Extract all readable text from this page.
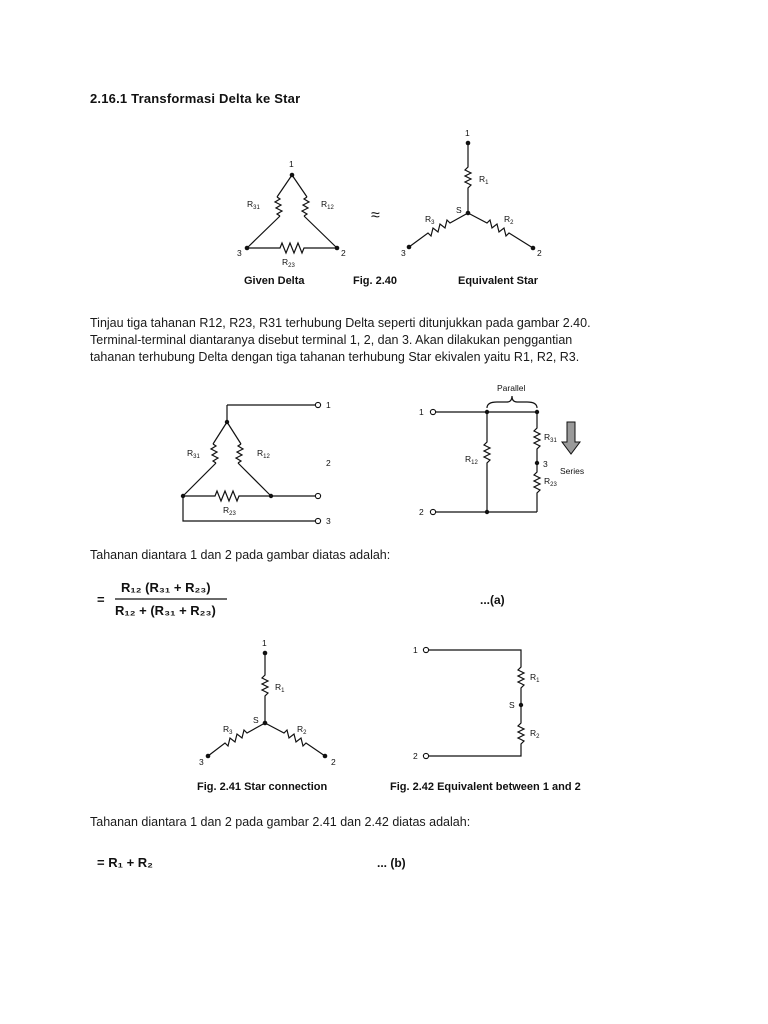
2.16.1 Transformasi Delta ke Star
1
3	2
$R_{31}$	$R_{12}$
$R_{23}$
≈
1
3	2
S
$R_1$
$R_2$
$R_3$
Given Delta	Fig. 2.40	Equivalent Star
Tinjau tiga tahanan R12, R23, R31 terhubung Delta seperti ditunjukkan pada gambar 2.40.
Terminal-terminal diantaranya disebut terminal 1, 2, dan 3. Akan dilakukan penggantian
tahanan terhubung Delta dengan tiga tahanan terhubung Star ekivalen yaitu R1, R2, R3.
1
2
3
$R_{31}$	$R_{12}$
$R_{23}$
1
2
3
$R_{12}$
$R_{31}$
$R_{23}$
Parallel
Series
Tahanan diantara 1 dan 2 pada gambar diatas adalah:
=
R₁₂ (R₃₁ + R₂₃)
R₁₂ + (R₃₁ + R₂₃)
...(a)
1
3	2
S
$R_1$
$R_2$
$R_3$
1
2
S
$R_1$
$R_2$
Fig. 2.41 Star connection	Fig. 2.42 Equivalent between 1 and 2
Tahanan diantara 1 dan 2 pada gambar 2.41 dan 2.42 diatas adalah:
= R₁ + R₂	... (b)
